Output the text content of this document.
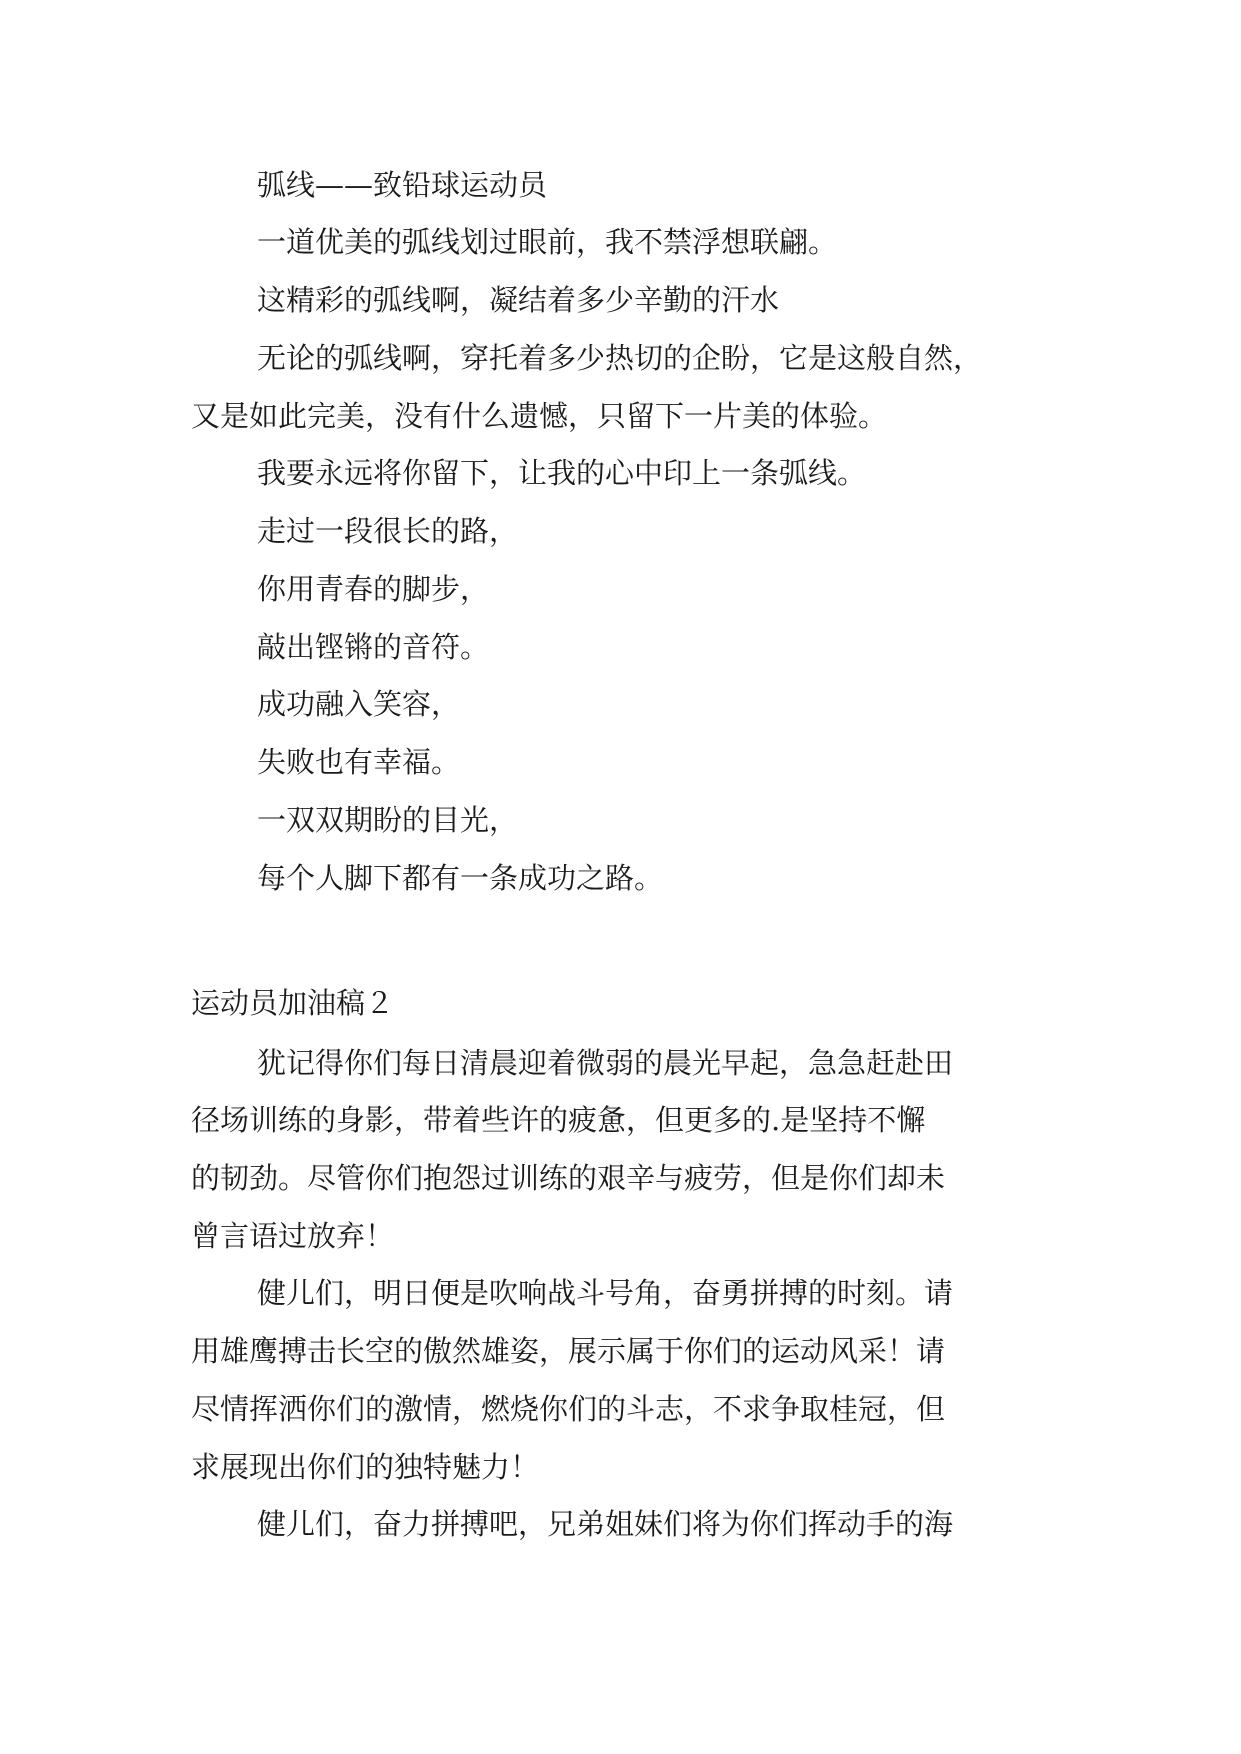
弧线——致铅球运动员
一道优美的弧线划过眼前，我不禁浮想联翩。
这精彩的弧线啊，凝结着多少辛勤的汗水
无论的弧线啊，穿托着多少热切的企盼，它是这般自然，
又是如此完美，没有什么遗憾，只留下一片美的体验。
我要永远将你留下，让我的心中印上一条弧线。
走过一段很长的路，
你用青春的脚步，
敲出铿锵的音符。
成功融入笑容，
失败也有幸福。
一双双期盼的目光，
每个人脚下都有一条成功之路。
运动员加油稿２
犹记得你们每日清晨迎着微弱的晨光早起，急急赶赴田
径场训练的身影，带着些许的疲惫，但更多的.是坚持不懈
的韧劲。尽管你们抱怨过训练的艰辛与疲劳，但是你们却未
曾言语过放弃！
健儿们，明日便是吹响战斗号角，奋勇拼搏的时刻。请
用雄鹰搏击长空的傲然雄姿，展示属于你们的运动风采！请
尽情挥洒你们的激情，燃烧你们的斗志，不求争取桂冠，但
求展现出你们的独特魅力！
健儿们，奋力拼搏吧，兄弟姐妹们将为你们挥动手的海
